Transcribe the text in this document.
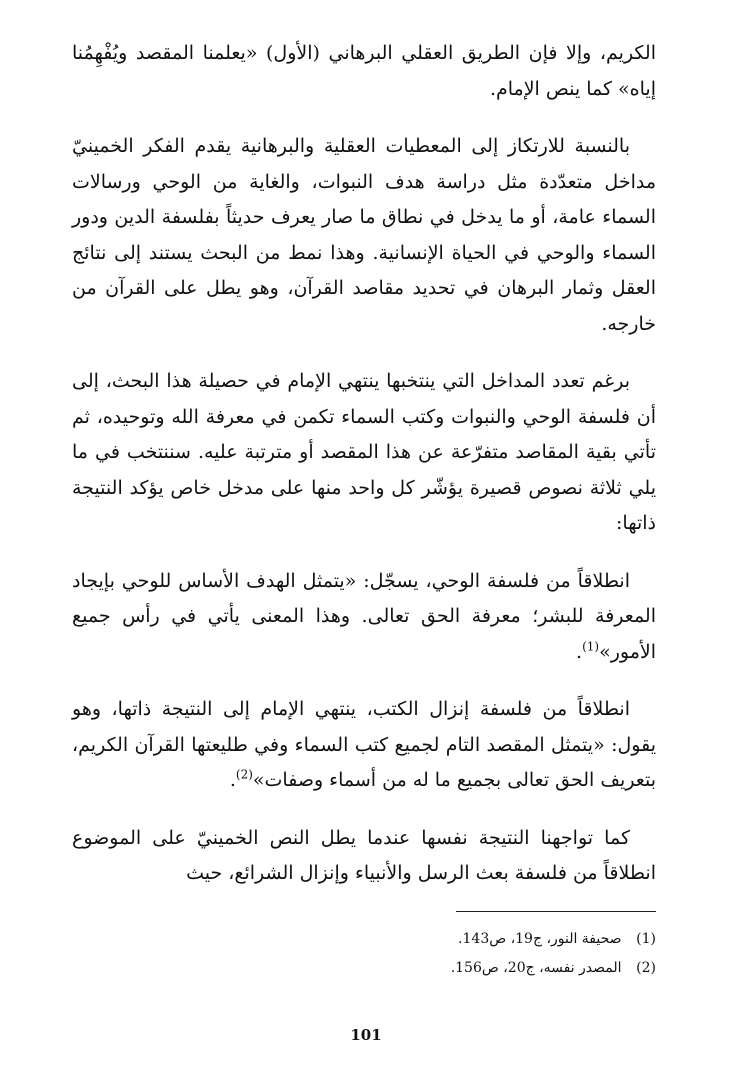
الكريم، وإلا فإن الطريق العقلي البرهاني (الأول) «يعلمنا المقصد ويُفْهِمُنا إياه» كما ينص الإمام.

بالنسبة للارتكاز إلى المعطيات العقلية والبرهانية يقدم الفكر الخمينيّ مداخل متعدّدة مثل دراسة هدف النبوات، والغاية من الوحي ورسالات السماء عامة، أو ما يدخل في نطاق ما صار يعرف حديثاً بفلسفة الدين ودور السماء والوحي في الحياة الإنسانية. وهذا نمط من البحث يستند إلى نتائج العقل وثمار البرهان في تحديد مقاصد القرآن، وهو يطل على القرآن من خارجه.

برغم تعدد المداخل التي ينتخبها ينتهي الإمام في حصيلة هذا البحث، إلى أن فلسفة الوحي والنبوات وكتب السماء تكمن في معرفة الله وتوحيده، ثم تأتي بقية المقاصد متفرّعة عن هذا المقصد أو مترتبة عليه. سننتخب في ما يلي ثلاثة نصوص قصيرة يؤشّر كل واحد منها على مدخل خاص يؤكد النتيجة ذاتها:

انطلاقاً من فلسفة الوحي، يسجّل: «يتمثل الهدف الأساس للوحي بإيجاد المعرفة للبشر؛ معرفة الحق تعالى. وهذا المعنى يأتي في رأس جميع الأمور»$^{(1)}$.

انطلاقاً من فلسفة إنزال الكتب، ينتهي الإمام إلى النتيجة ذاتها، وهو يقول: «يتمثل المقصد التام لجميع كتب السماء وفي طليعتها القرآن الكريم، بتعريف الحق تعالى بجميع ما له من أسماء وصفات»$^{(2)}$.

كما تواجهنا النتيجة نفسها عندما يطل النص الخمينيّ على الموضوع انطلاقاً من فلسفة بعث الرسل والأنبياء وإنزال الشرائع، حيث

(1) صحيفة النور، ج19، ص143.
(2) المصدر نفسه، ج20، ص156.
101
